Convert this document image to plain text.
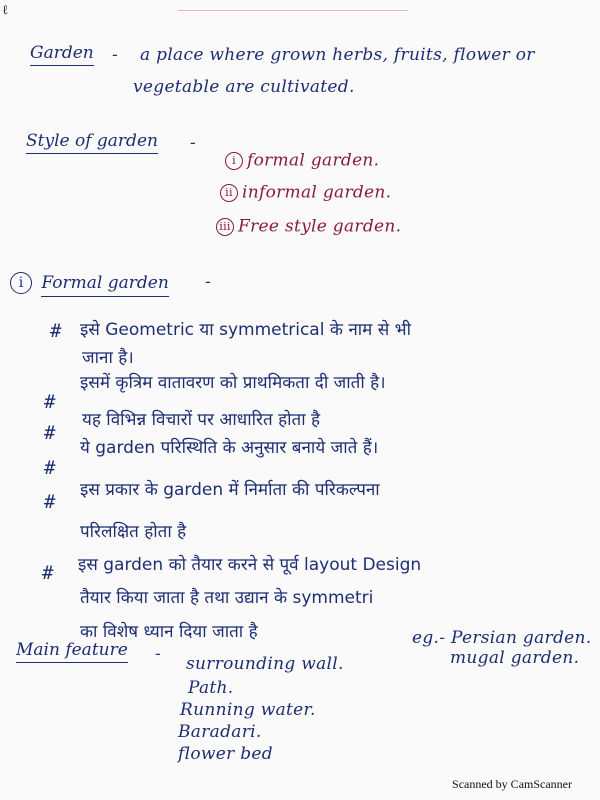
ℓ
Garden - a place where grown herbs, fruits, flower or
vegetable are cultivated.
Style of garden -
i formal garden.
ii informal garden.
iii Free style garden.
i Formal garden -
# इसे Geometric या symmetrical के नाम से भी
जाना है।
#
इसमें कृत्रिम वातावरण को प्राथमिकता दी जाती है।
#
यह विभिन्न विचारों पर आधारित होता है
#
ये garden परिस्थिति के अनुसार बनाये जाते हैं।
#
इस प्रकार के garden में निर्माता की परिकल्पना
परिलक्षित होता है
# इस garden को तैयार करने से पूर्व layout Design
तैयार किया जाता है तथा उद्यान के symmetri
का विशेष ध्यान दिया जाता है	eg.- Persian garden.
mugal garden.
Main feature - surrounding wall.
Path.
Running water.
Baradari.
flower bed
Scanned by CamScanner
